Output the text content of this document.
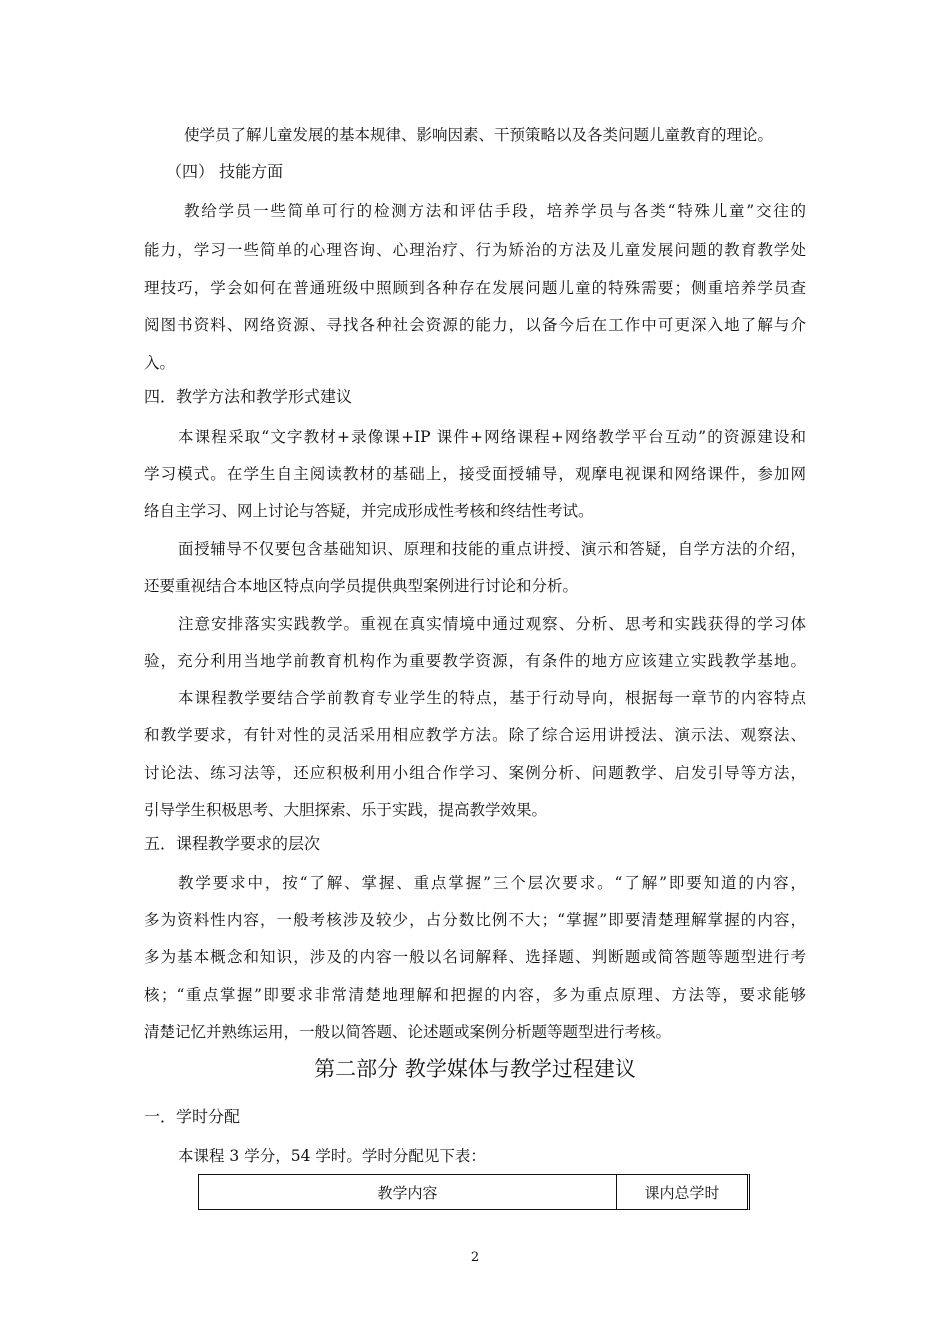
使学员了解儿童发展的基本规律、影响因素、干预策略以及各类问题儿童教育的理论。
（四） 技能方面
教给学员一些简单可行的检测方法和评估手段，培养学员与各类“特殊儿童”交往的
能力，学习一些简单的心理咨询、心理治疗、行为矫治的方法及儿童发展问题的教育教学处
理技巧，学会如何在普通班级中照顾到各种存在发展问题儿童的特殊需要；侧重培养学员查
阅图书资料、网络资源、寻找各种社会资源的能力，以备今后在工作中可更深入地了解与介
入。
四．教学方法和教学形式建议
本课程采取“文字教材+录像课+IP 课件+网络课程+网络教学平台互动”的资源建设和
学习模式。在学生自主阅读教材的基础上，接受面授辅导，观摩电视课和网络课件，参加网
络自主学习、网上讨论与答疑，并完成形成性考核和终结性考试。
面授辅导不仅要包含基础知识、原理和技能的重点讲授、演示和答疑，自学方法的介绍，
还要重视结合本地区特点向学员提供典型案例进行讨论和分析。
注意安排落实实践教学。重视在真实情境中通过观察、分析、思考和实践获得的学习体
验，充分利用当地学前教育机构作为重要教学资源，有条件的地方应该建立实践教学基地。
本课程教学要结合学前教育专业学生的特点，基于行动导向，根据每一章节的内容特点
和教学要求，有针对性的灵活采用相应教学方法。除了综合运用讲授法、演示法、观察法、
讨论法、练习法等，还应积极利用小组合作学习、案例分析、问题教学、启发引导等方法，
引导学生积极思考、大胆探索、乐于实践，提高教学效果。
五．课程教学要求的层次
教学要求中，按“了解、掌握、重点掌握”三个层次要求。“了解”即要知道的内容，
多为资料性内容，一般考核涉及较少，占分数比例不大；“掌握”即要清楚理解掌握的内容，
多为基本概念和知识，涉及的内容一般以名词解释、选择题、判断题或简答题等题型进行考
核；“重点掌握”即要求非常清楚地理解和把握的内容，多为重点原理、方法等，要求能够
清楚记忆并熟练运用，一般以简答题、论述题或案例分析题等题型进行考核。
第二部分 教学媒体与教学过程建议
一．学时分配
本课程 3 学分，54 学时。学时分配见下表：
教学内容	课内总学时
2
